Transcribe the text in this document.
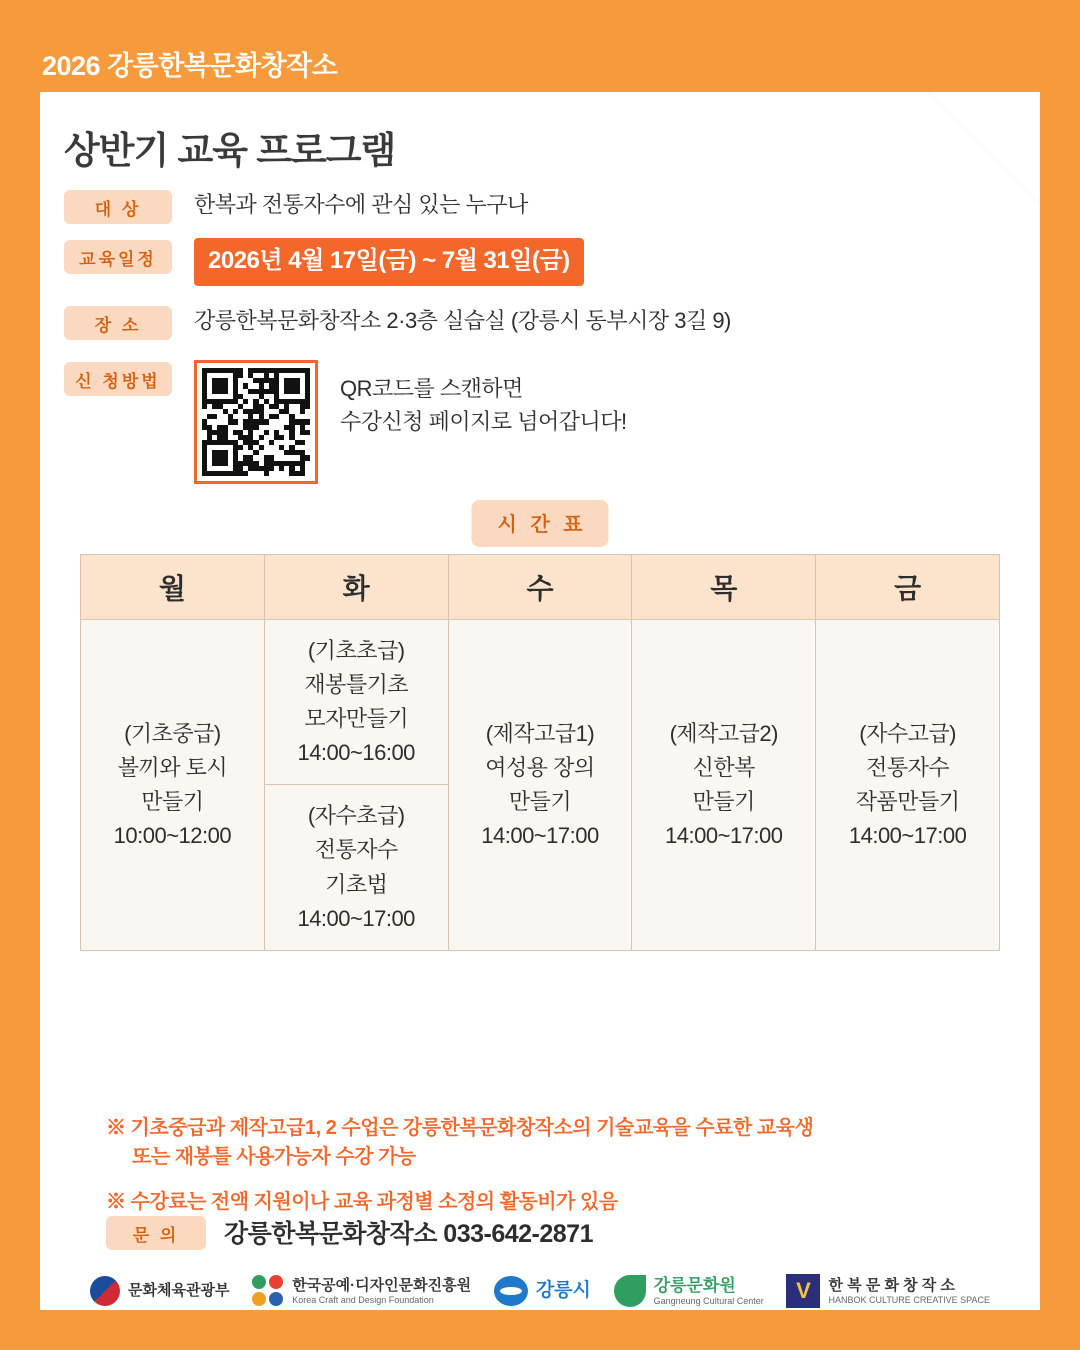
2026 강릉한복문화창작소
상반기 교육 프로그램
대 상	한복과 전통자수에 관심 있는 누구나
교육일정	2026년 4월 17일(금) ~ 7월 31일(금)
장 소	강릉한복문화창작소 2·3층 실습실 (강릉시 동부시장 3길 9)
신 청방법	QR코드를 스캔하면
수강신청 페이지로 넘어갑니다!
시 간 표
월	화	수	목	금
(기초중급)
볼끼와 토시
만들기
10:00~12:00	(기초초급)
재봉틀기초
모자만들기
14:00~16:00	(제작고급1)
여성용 장의
만들기
14:00~17:00	(제작고급2)
신한복
만들기
14:00~17:00	(자수고급)
전통자수
작품만들기
14:00~17:00
	(자수초급)
전통자수
기초법
14:00~17:00			
※ 기초중급과 제작고급1, 2 수업은 강릉한복문화창작소의 기술교육을 수료한 교육생
또는 재봉틀 사용가능자 수강 가능
※ 수강료는 전액 지원이나 교육 과정별 소정의 활동비가 있음
문 의	강릉한복문화창작소 033-642-2871
문화체육관광부	한국공예·디자인문화진흥원
Korea Craft and Design Foundation	강릉시	강릉문화원
Gangneung Cultural Center	V	한 복 문 화 창 작 소
HANBOK CULTURE CREATIVE SPACE
